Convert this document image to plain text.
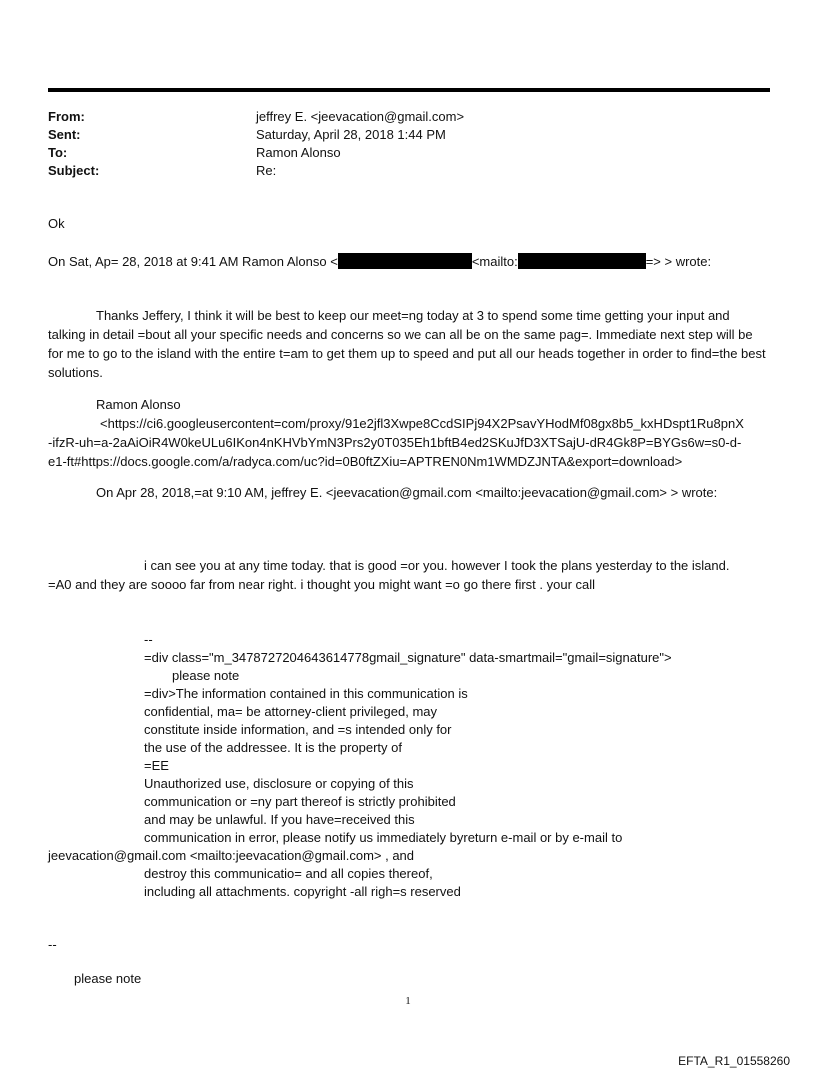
From:	jeffrey E. <jeevacation@gmail.com>
Sent:	Saturday, April 28, 2018 1:44 PM
To:	Ramon Alonso
Subject:	Re:
Ok
On Sat, Ap= 28, 2018 at 9:41 AM Ramon Alonso <	<mailto:	=> > wrote:
Thanks Jeffery, I think it will be best to keep our meet=ng today at 3 to spend some time getting your input and talking in detail =bout all your specific needs and concerns so we can all be on the same pag=. Immediate next step will be for me to go to the island with the entire t=am to get them up to speed and put all our heads together in order to find=the best solutions.
Ramon Alonso
<https://ci6.googleusercontent=com/proxy/91e2jfl3Xwpe8CcdSIPj94X2PsavYHodMf08gx8b5_kxHDspt1Ru8pnX-ifzR-uh=a-2aAiOiR4W0keULu6IKon4nKHVbYmN3Prs2y0T035Eh1bftB4ed2SKuJfD3XTSajU-dR4Gk8P=BYGs6w=s0-d-e1-ft#https://docs.google.com/a/radyca.com/uc?id=0B0ftZXiu=APTREN0Nm1WMDZJNTA&export=download>
On Apr 28, 2018,=at 9:10 AM, jeffrey E. <jeevacation@gmail.com <mailto:jeevacation@gmail.com> > wrote:
i can see you at any time today. that is good =or you. however I took the plans yesterday to the island.
=A0 and they are soooo far from near right. i thought you might want =o go there first . your call
--
=div class="m_3478727204643614778gmail_signature" data-smartmail="gmail=signature">
please note
=div>The information contained in this communication is
confidential, ma= be attorney-client privileged, may
constitute inside information, and =s intended only for
the use of the addressee. It is the property of
=EE
Unauthorized use, disclosure or copying of this
communication or =ny part thereof is strictly prohibited
and may be unlawful. If you have=received this
communication in error, please notify us immediately byreturn e-mail or by e-mail to
jeevacation@gmail.com <mailto:jeevacation@gmail.com> , and
destroy this communicatio= and all copies thereof,
including all attachments. copyright -all righ=s reserved
--
please note
1
EFTA_R1_01558260
